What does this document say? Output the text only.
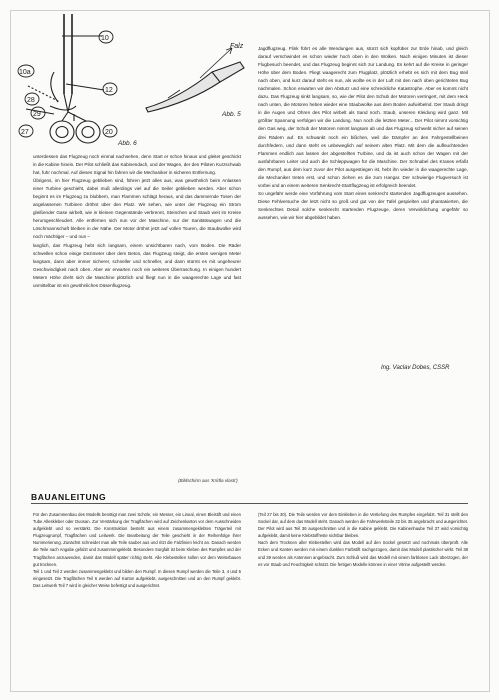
10
10a
12
28
27
29
20
Abb. 6
Falz
Abb. 5
unterdessen das Flugzeug noch einmal nachsehen, denn Start er schon hinaus und gleitet geschickt in die Kabine hinein. Der Pilot schließt das Kabinendach, und der Wagen, der den Piloten Kurzschwab hat, fuhr nochmal. Auf dieses Signal hin fahren wir die Mechaniker in sicheren Entfernung.
Übrigens, im hier Flugzeug geblieben sind, führen jetzt alles aus, was gewöhnlich beim Anlassen einer Turbine geschieht, dabei muß allerdings viel auf die Seiler geblieben werden. Aber schon beginnt es im Flugzeug zu blubbern, man Flammen schlägt heraus, und das dammernde Tosen der angelassenen Turbinen dröhnt über den Platz. Wir sehen, wie unter der Flugzeug ein Strom gleißender Gase wirbelt, wie in kleinen Gegenstände verbrennt, Steinchen und Staub weit im Kreise herumgeschleudert. Alle entfernen sich nun vor der Maschine, nur der Sanitätswagen und die Löschmannschaft bleiben in der Nähe. Der Motor dröhnt jetzt auf vollen Touren, die Staubwolke wird noch mächtiger – und nun –
langlich, das Flugzeug hebt sich langsam, einem unsichtbaren nach, vom Boden. Die Räder schwellen schon einige Dezimeter über dem Beton, das Flugzeug steigt, die ersten wenigen Meter langsam, dann aber immer sicherer, schneller und schneller, und dann stürmt es mit ungeheurer Geschwindigkeit nach oben. Aber wir erwarten noch ein weiteres Überraschung. In einigen hundert Metern Höhe dreht sich die Maschine plötzlich und fliegt nun in die waagerechte Lage und fast unmittelbar ist ein gewöhnliches Düsenflugzeug.
Jagdflugzeug. Flink führt es alle Wendungen aus, stürzt sich kopfüber zur Erde hinab, und gleich darauf verschwindet es schon wieder hoch oben in den Wolken. Nach einigen Minuten ist dieser Flugbesuch beendet, und das Flugzeug beginnt sich zur Landung. Es kehrt auf die Kreise in geringer Höhe über dem Boden. Fliegt waagerecht zum Flugplatz, plötzlich erhebt es sich mit dem Bug steil nach oben, und kurz darauf steht es nun, als wollte es in der Luft mit den nach oben gerichteten Bug nachmalen. Schon erwarten wir den Absturz und eine schreckliche Katastrophe. Aber es kommt nicht dazu. Das Flugzeug sinkt langsam, so, wie der Pilot den Schub der Motoren verringert, mit dem Heck nach unten, die Motoren heben wieder eine Staubwolke aus dem Boden aufwirbelnd. Der Staub dringt in die Augen und Ohren des Pilot wirbelt als Sand noch. Staub, unseren Kleidung wird ganz. Mit größter Spannung verfolgen wir die Landung. Nun noch die letzten Meter... Der Pilot nimmt vorsichtig den Gas weg, der Schub der Motoren nimmt langsam ab und das Flugzeug schwebt sicher auf seinen drei Rädern auf. Es schwankt noch ein bißchen, weil die Dämpfer an den Fahrgestellbeinen durchfedern, und dann steht es unbeweglich auf seinem alten Platz. Mit dem die aufleuchtenden Flammen endlich aus lassen der abgestellten Turbine, und da ist auch schon der Wagen mit der ausfahrbaren Leiter und auch die Schleppwagen für die Maschine. Der Schnabel des Kranes erfaßt den Rumpf, aus dem kurz zuvor der Pilot ausgestiegen ist, hebt ihn wieder in die waagerechte Lage, die Mechaniker treten erst, und schon ziehen es die zum Hangar. Der schwierige Flugversuch ist vorbei und an einem weiteren Senkrecht-Startflugzeug ist erfolgreich beendet.
So ungefähr werde eine Vorführung vom Start eines senkrecht startenden Jagdflugzeuges aussehen. Diese Fehlversuche der letzt nicht so groß und gut von der Tafel gespielten und phantasierten, die Senkrechtes Detail solche senkrecht startenden Flugzeuge, deren Verwirklichung ungefähr so aussehen, wie wir hier abgebildet haben.
Ing. Vaclav Dobes, CSSR
(Bildschirm aus 'Krídla vlasti')
BAUANLEITUNG
Für den Zusammenbau des Modells benötigt man zwei Schöle, ein Messer, ein Lineal, einen Bleistift und einen Tube Alleskleber oder Duosan. Zur Verstärkung der Tragflächen wird auf Zeichenkarton vor dem Ausschneiden aufgeklebt und so verstärkt. Die Konstruktion besteht aus einem zusammengeklebten Trägerteil mit Flugzeugrumpf, Tragflächen und Leitwerk. Die Bearbeitung der Teile geschieht in der Reihenfolge ihrer Nummerierung. Zunächst schneidet man alle Teile sauber aus und ritzt die Falzlinien leicht an. Danach werden die Teile nach Angabe gefalzt und zusammengeklebt. Besondere Sorgfalt ist beim Kleben des Rumpfes und der Tragflächen anzuwenden, damit das Modell später richtig steht. Alle Klebestellen sollen vor dem Weiterbauen gut trocknen.
Teil 1 und Teil 2 werden zusammengeklebt und bilden den Rumpf. In diesen Rumpf werden die Teile 3, 4 und 5 eingesetzt. Die Tragflächen Teil 6 werden auf Karton aufgeklebt, ausgeschnitten und an den Rumpf geklebt. Das Leitwerk Teil 7 wird in gleicher Weise befestigt und ausgerichtet.
(Teil 27 bis 30). Die Teile werden vor dem Einkleben in die Vertiefung des Rumpfes eingefalzt. Teil 31 stellt den Sockel dar, auf dem das Modell steht. Danach werden die Fahrwerksteile 32 bis 35 angebracht und ausgerichtet. Der Pilot wird aus Teil 36 ausgeschnitten und in die Kabine geklebt. Die Kabinenhaube Teil 37 wird vorsichtig aufgeklebt, damit keine Klebstoffreste sichtbar bleiben.
Nach dem Trocknen aller Klebestellen wird das Modell auf den Sockel gesetzt und nochmals überprüft. Alle Ecken und Kanten werden mit einem dunklen Farbstift nachgezogen, damit das Modell plastischer wirkt. Teil 38 und 39 werden als Antennen angebracht. Zum Schluß wird das Modell mit einem farblosen Lack überzogen, der es vor Staub und Feuchtigkeit schützt. Die fertigen Modelle können in einer Vitrine aufgestellt werden.
